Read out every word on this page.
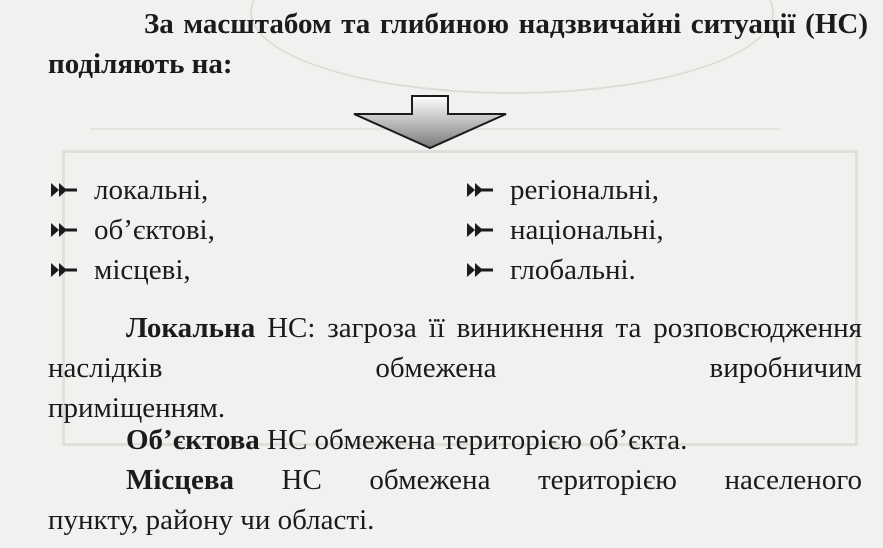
За масштабом та глибиною надзвичайні ситуації (НС) поділяють на:

локальні,
об’єктові,
місцеві,
регіональні,
національні,
глобальні.

Локальна НС: загроза її виникнення та розповсюдження наслідків обмежена виробничим
приміщенням.

Об’єктова НС обмежена територією об’єкта.

Місцева НС обмежена територією населеного
пункту, району чи області.
